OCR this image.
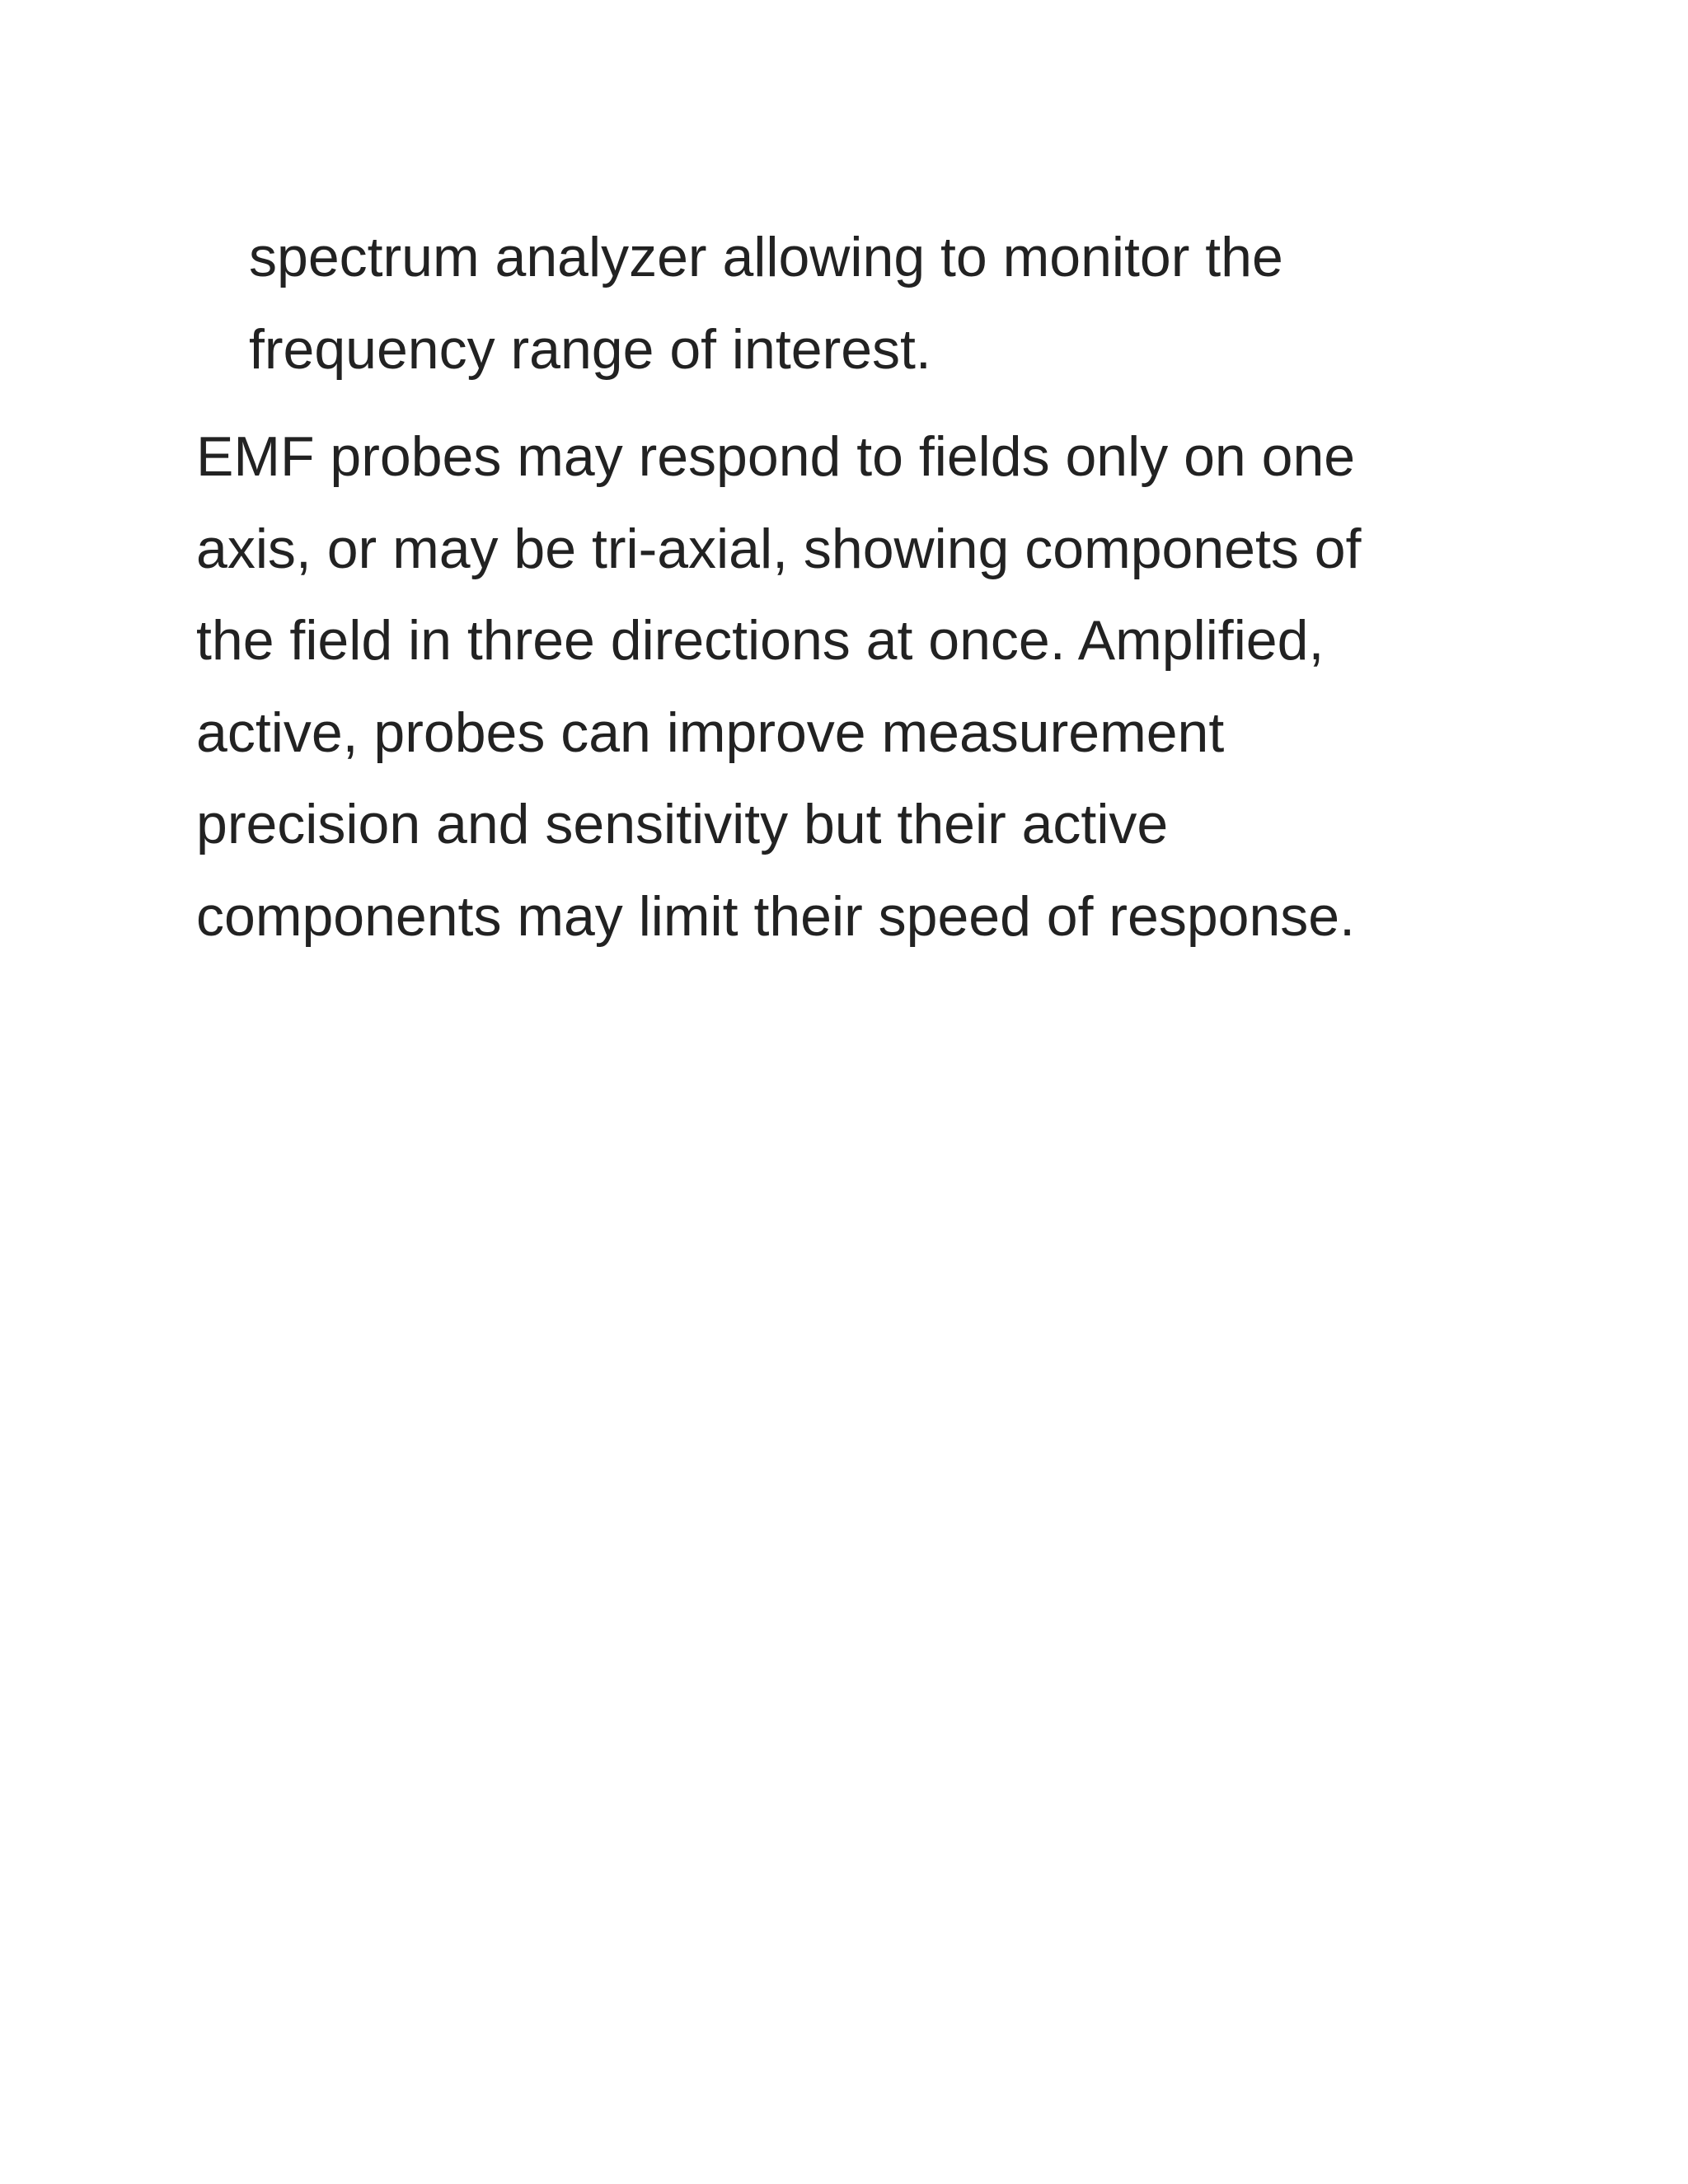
spectrum analyzer allowing to monitor the
frequency range of interest.
EMF probes may respond to fields only on one
axis, or may be tri-axial, showing componets of
the field in three directions at once. Amplified,
active, probes can improve measurement
precision and sensitivity but their active
components may limit their speed of response.
